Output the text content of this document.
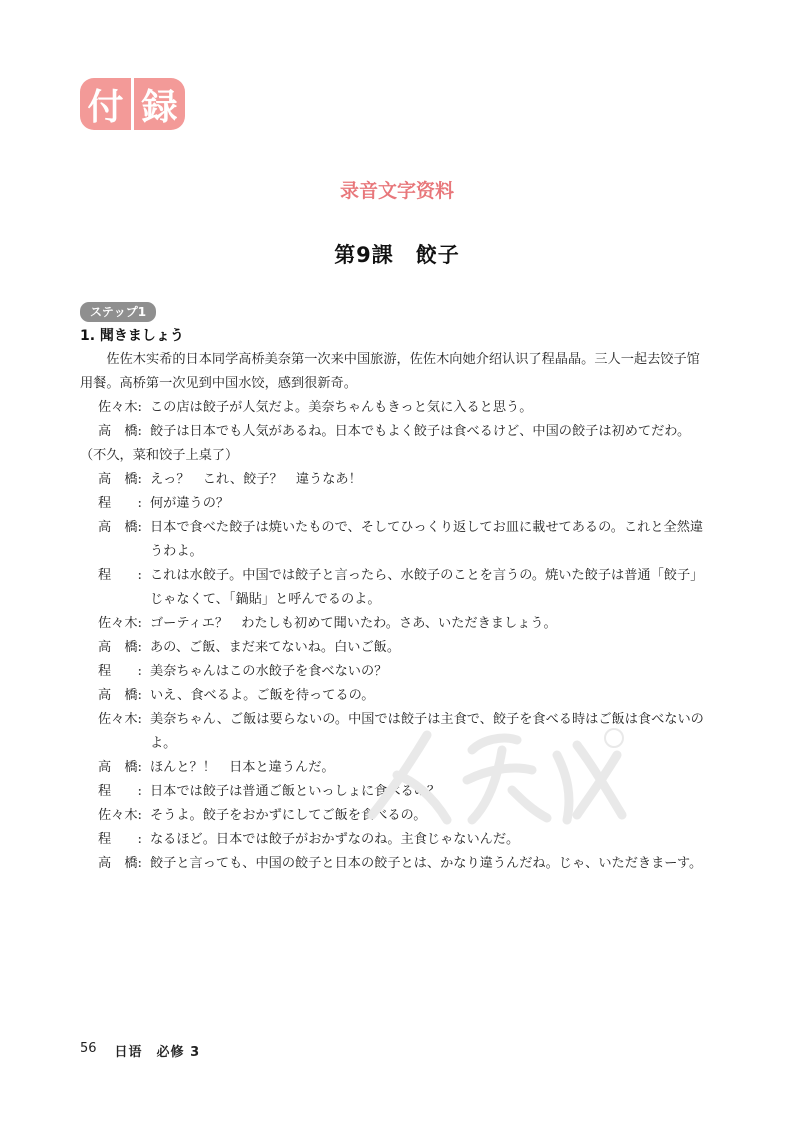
付 録
录音文字资料
第9課　餃子
ステップ1
1. 聞きましょう

佐佐木实希的日本同学高桥美奈第一次来中国旅游，佐佐木向她介绍认识了程晶晶。三人一起去饺子馆用餐。高桥第一次见到中国水饺，感到很新奇。

佐々木: この店は餃子が人気だよ。美奈ちゃんもきっと気に入ると思う。
高　橋: 餃子は日本でも人気があるね。日本でもよく餃子は食べるけど、中国の餃子は初めてだわ。

（不久，菜和饺子上桌了）

高　橋: えっ？　これ、餃子？　違うなあ！
程　　: 何が違うの？
高　橋: 日本で食べた餃子は焼いたもので、そしてひっくり返してお皿に載せてあるの。これと全然違うわよ。
程　　: これは水餃子。中国では餃子と言ったら、水餃子のことを言うの。焼いた餃子は普通「餃子」じゃなくて、「鍋貼」と呼んでるのよ。
佐々木: ゴーティエ？　わたしも初めて聞いたわ。さあ、いただきましょう。
高　橋: あの、ご飯、まだ来てないね。白いご飯。
程　　: 美奈ちゃんはこの水餃子を食べないの？
高　橋: いえ、食べるよ。ご飯を待ってるの。
佐々木: 美奈ちゃん、ご飯は要らないの。中国では餃子は主食で、餃子を食べる時はご飯は食べないのよ。
高　橋: ほんと？！　日本と違うんだ。
程　　: 日本では餃子は普通ご飯といっしょに食べるの？
佐々木: そうよ。餃子をおかずにしてご飯を食べるの。
程　　: なるほど。日本では餃子がおかずなのね。主食じゃないんだ。
高　橋: 餃子と言っても、中国の餃子と日本の餃子とは、かなり違うんだね。じゃ、いただきまーす。
56 日语　必修 3
